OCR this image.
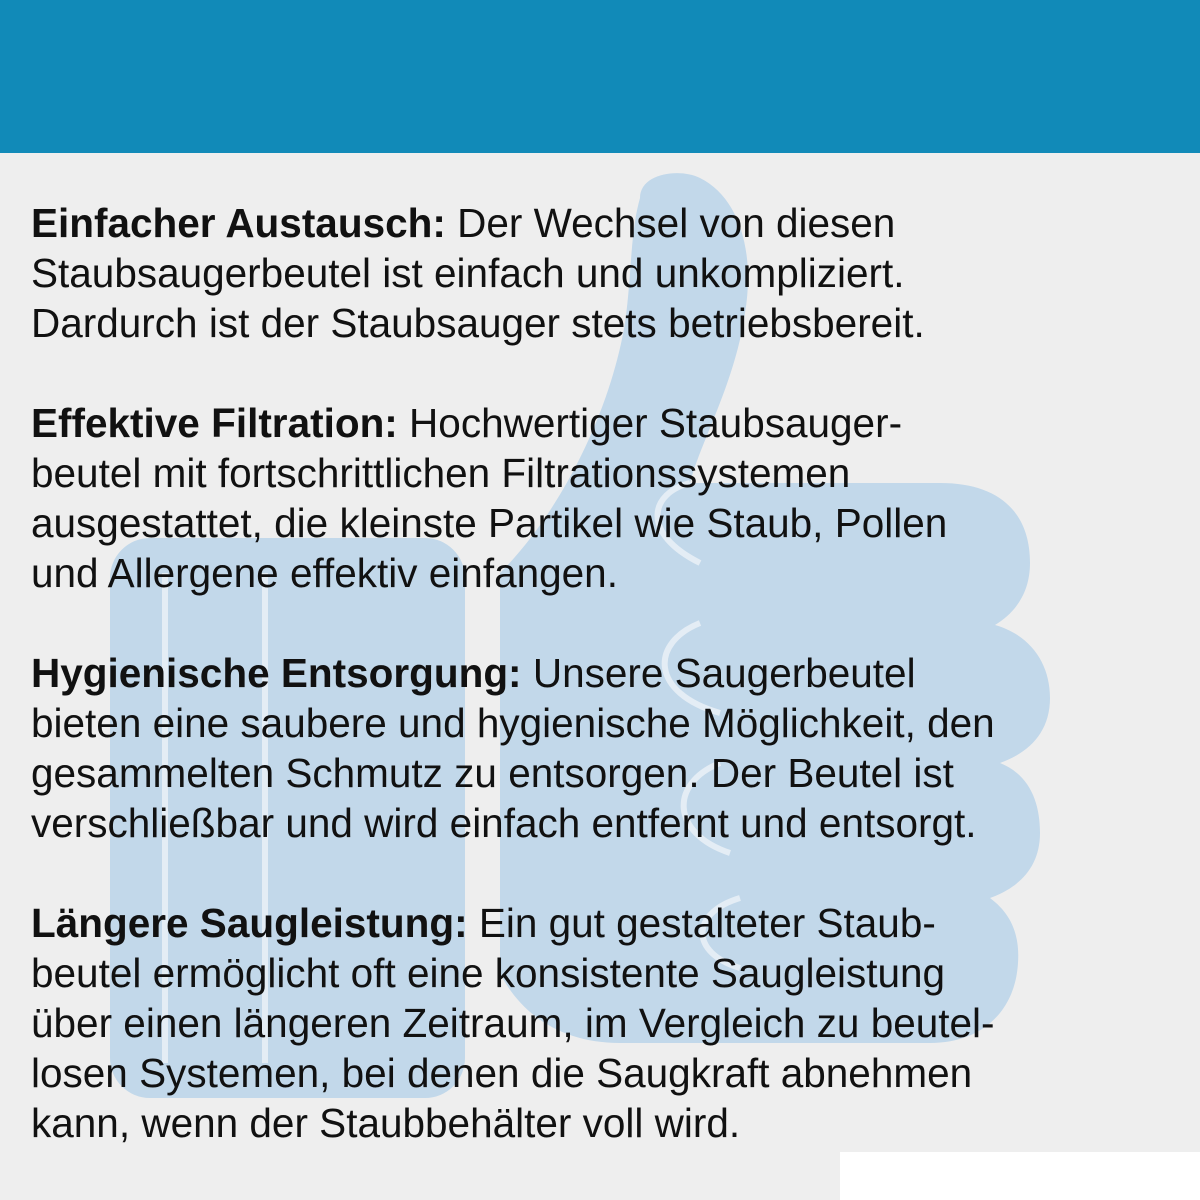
Einfacher Austausch: Der Wechsel von diesen
Staubsaugerbeutel ist einfach und unkompliziert.
Dardurch ist der Staubsauger stets betriebsbereit.

Effektive Filtration: Hochwertiger Staubsauger-
beutel mit fortschrittlichen Filtrationssystemen
ausgestattet, die kleinste Partikel wie Staub, Pollen
und Allergene effektiv einfangen.

Hygienische Entsorgung: Unsere Saugerbeutel
bieten eine saubere und hygienische Möglichkeit, den
gesammelten Schmutz zu entsorgen. Der Beutel ist
verschließbar und wird einfach entfernt und entsorgt.

Längere Saugleistung: Ein gut gestalteter Staub-
beutel ermöglicht oft eine konsistente Saugleistung
über einen längeren Zeitraum, im Vergleich zu beutel-
losen Systemen, bei denen die Saugkraft abnehmen
kann, wenn der Staubbehälter voll wird.
